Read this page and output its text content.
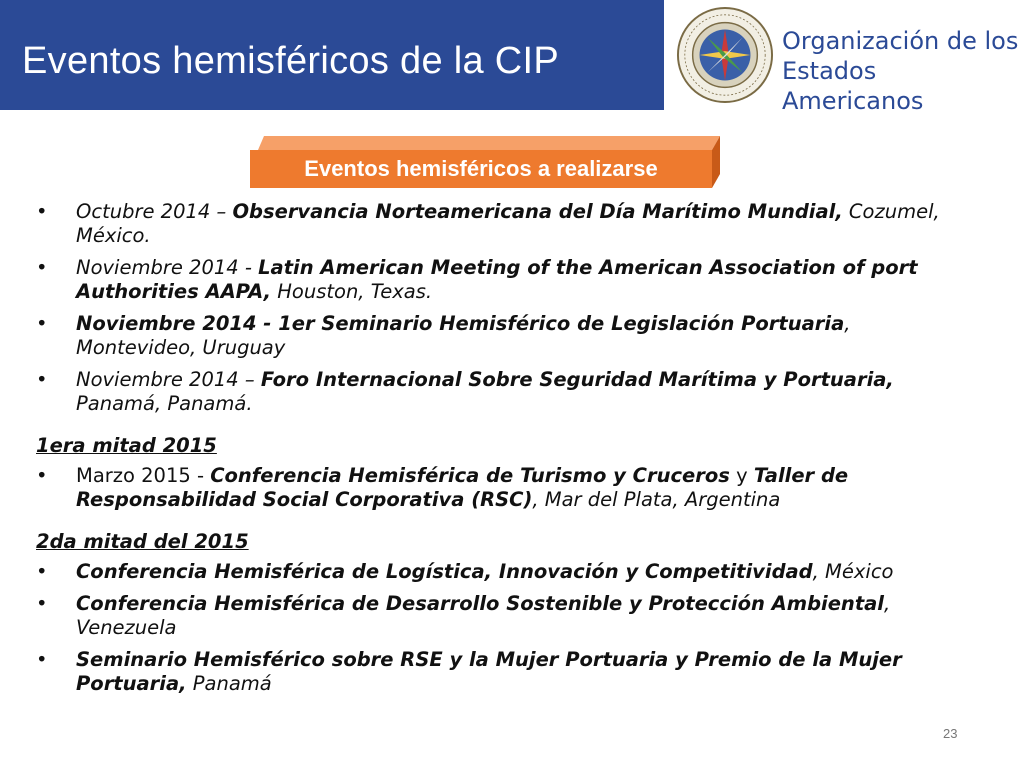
Eventos hemisféricos de la CIP	Organización de los
Estados Americanos
Eventos hemisféricos a realizarse
• Octubre 2014 – Observancia Norteamericana del Día Marítimo Mundial, Cozumel, México.
• Noviembre 2014 - Latin American Meeting of the American Association of port Authorities AAPA, Houston, Texas.
• Noviembre 2014 - 1er Seminario Hemisférico de Legislación Portuaria, Montevideo, Uruguay
• Noviembre 2014 – Foro Internacional Sobre Seguridad Marítima y Portuaria, Panamá, Panamá.
1era mitad 2015
• Marzo 2015 - Conferencia Hemisférica de Turismo y Cruceros y Taller de Responsabilidad Social Corporativa (RSC), Mar del Plata, Argentina
2da mitad del 2015
• Conferencia Hemisférica de Logística, Innovación y Competitividad, México
• Conferencia Hemisférica de Desarrollo Sostenible y Protección Ambiental, Venezuela
• Seminario Hemisférico sobre RSE y la Mujer Portuaria y Premio de la Mujer Portuaria, Panamá
23
